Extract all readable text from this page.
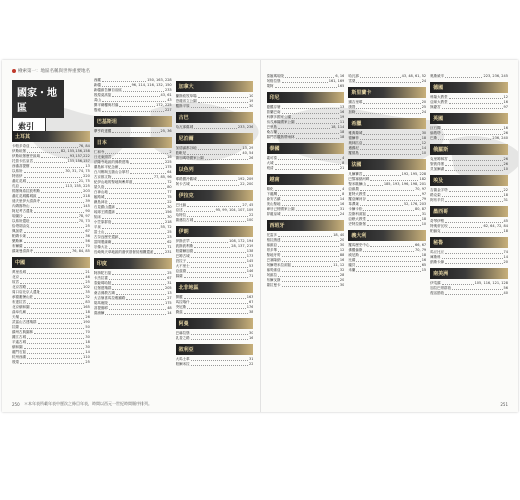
檢索第一：地區名稱與世界重要地名
國家・地區
索引
土耳其
卡帕多奇亞	76, 84
伊斯坦堡	82, 155,156,158
伊斯坦堡歷史區域	93,157,222
托普卡匹皇宮	155,156,157
西番菩提樹	13
以弗所	30, 31, 74, 75
特洛伊	220
番紅花城	21, 75
孔亞	113, 155, 225
棉堡與希拉波利斯	203
番紅花城舊城區	218
迪夫里伊大清真寺	39
內姆魯特山	145
阿尼考古遺址	90
哈圖沙	78, 97
以弗所遺址	70, 73
恰塔胡由克	25
佩加蒙	67
帕姆卡萊	36
樂斯庫	56
布爾薩	70
蘇萊曼清真寺	76, 84, 85
中國
萬里長城	21
北京	46
故宮	25
北京宮殿	102
周口店北京人遺址	35
承德避暑山莊	32
布達拉宮	83
北京頤和園	165
曲阜孔廟	18
天壇	26
武當山古建築群	190
拉薩	50
蘇州古典園林	70
麗江古城	30
平遙古城	18
頤和園	30
龍門石窟	14
杭州西湖	110
敦煌	25
西藏	150, 163, 228
新疆	96, 114, 116, 132, 150
新疆維吾爾自治區	233
敦煌莫高窟	43, 61
黃山	43
開平碉樓與村落	172, 225
殷墟	227
巴基斯坦
摩亨約達羅	25, 36
日本
仁和寺	2
日光東照宮	16
法隆寺地區的佛教建築	225
廣島和平紀念館	175
白川鄉與五箇山合掌村	64
古京都文物	77, 85, 96
紀伊山地的聖地與參拜道	72
屋久島	80
白神山地	77
姬路城	75
嚴島神社	22
石見銀山遺跡	30
琉球王國遺跡	156
知床	30
小笠原群島	218
平泉	55, 72
富士山	25
古奈良歷史遺跡	23
富岡製絲廠	62
宗像大社	71
長崎與天草地區的潛伏基督徒相關遺產	231
印度
阿旃陀石窟	25
卡杰拉霍	67
泰姬瑪哈陵	31
紅堡建築群	205
桑吉佛教古蹟	13
大吉嶺喜馬拉雅鐵路	27
胡馬雍陵	175
菩提伽耶	48
齋浦爾	14
加拿大
蘭斯欧牧草場	10
恐龍省立公園	19
羅斯平原	30
古巴
哈瓦那舊城	233, 236
尼泊爾
加德滿都谷地	13, 29
藍毗尼	40, 54
薩加瑪塔國家公園	26
以色列
耶路撒冷舊城	192, 209
阿卡古城	22, 200
伊拉克
巴比倫	27, 45
亞述	95, 99, 104, 107, 109
哈特拉	22
薩邁拉古城	100
伊朗
伊斯法罕	108, 172, 194
波斯波利斯	28, 137, 219
帕薩爾加德	138
巴姆古城	173
設拉子	145
大不里士	53
亞茲德	146
蘇薩	71
北非地區
開羅	163
馬拉喀什	67
突尼斯	176
費茲	38
阿曼
巴赫拉堡	30
乳香之路	16
敘利亞
大馬士革	31
帕爾米拉	22
250 ＊本年表所載年表中歷次之條目年表，時間以西元一世紀時間順序排列。
泰姬瑪哈陵	6, 16
阿格拉堡	161, 169
果阿	165
印尼
婆羅浮屠	13
普蘭巴南	16
科摩多國家公園	19
烏戎庫隆國家公園	11
巴里島	18, 114
桑吉蘭	18
蘇門答臘熱帶雨林	18
泰國
素可泰	4
大城	8
班清	21
越南
順化	4
下龍灣	8
會安古鎮	14
美山聖地	16
峰牙己榜國家公園	31
昇龍皇城	24
西班牙
托雷多	18, 40
格拉納達	20
塞維亞	30
哥多華	12
聖地牙哥	88
巴塞隆納	16
阿爾塔米拉洞窟	11, 12
塞哥維亞	32
阿維拉	28
布爾戈斯	20
薩拉曼卡	30
哈瓦那	43, 48, 61, 52
雪梨	24
斯里蘭卡
錫吉里耶	20
康提	25
加勒	24
希臘
雅典衛城	30
德爾菲	18
奧林匹亞	12
邁錫尼	14
羅德島	10
法國
凡爾賽宮	192, 195, 228
巴黎塞納河畔	182
聖米歇爾山	185, 193, 196, 198, 201
亞維農	70, 97
夏特大教堂	97
羅亞爾河谷	79
韋澤萊	52, 176, 203
卡爾卡松	80, 87
拉斯科洞窟	31
亞眠大教堂	18
史特拉斯堡	10
義大利
羅馬歷史中心	66, 67
佛羅倫斯	70, 79
威尼斯	18
比薩	16
龐貝	65
米蘭	15
奧斯威辛	223, 236, 245
德國
科隆大教堂	12
亞琛大教堂	16
無憂宮	97
英國
巨石陣	16
倫敦塔	26
巴斯	236, 240
俄羅斯
克里姆林宮	26
聖彼得堡	26
貝加爾湖	10
埃及
吉薩金字塔	22
路克索	18
阿布辛貝	31
墨西哥
奇琴伊察	45
特奧蒂瓦坎	62, 64, 72, 84
帕倫克	18
秘魯
馬丘比丘	74
庫斯科	14
納斯卡線	20
南美洲
伊瓜蘇	105, 116, 121, 128
加拉巴哥群島	56
復活節島	40
251
